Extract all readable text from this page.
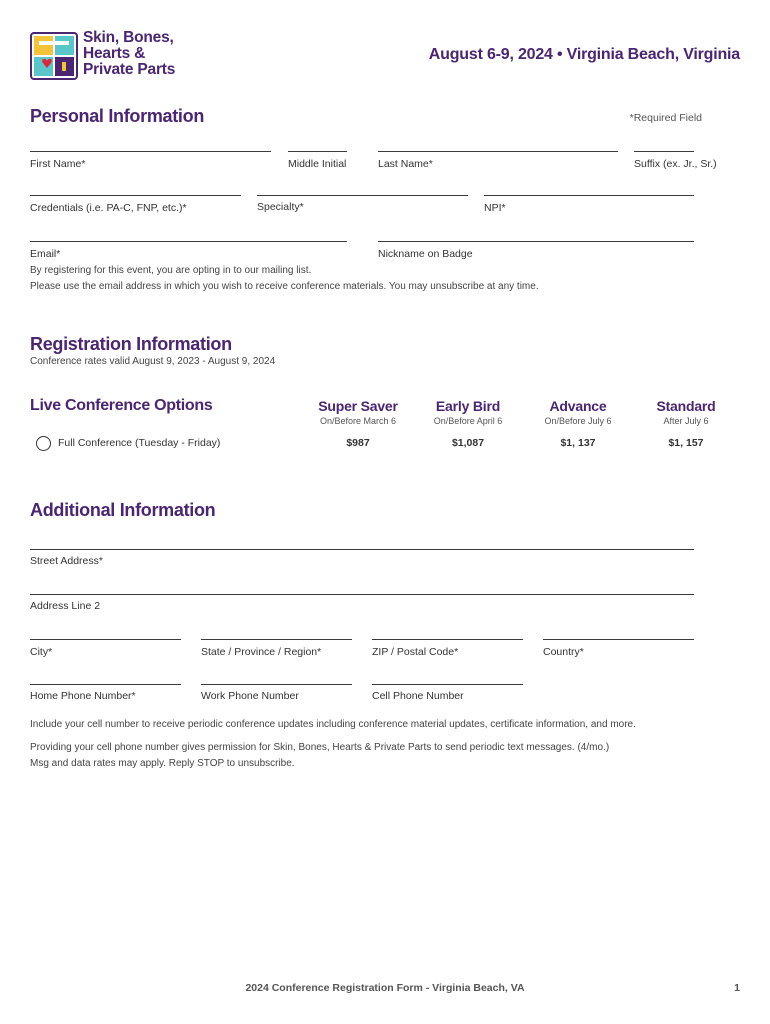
Skin, Bones,
Hearts &
Private Parts
August 6-9, 2024 • Virginia Beach, Virginia
Personal Information	*Required Field
First Name*	Middle Initial	Last Name*	Suffix (ex. Jr., Sr.)
Credentials (i.e. PA-C, FNP, etc.)*	Specialty*	NPI*
Email*	Nickname on Badge
By registering for this event, you are opting in to our mailing list.
Please use the email address in which you wish to receive conference materials. You may unsubscribe at any time.
Registration Information
Conference rates valid August 9, 2023 - August 9, 2024
Live Conference Options	Super Saver	Early Bird	Advance	Standard
On/Before March 6	On/Before April 6	On/Before July 6	After July 6
Full Conference (Tuesday - Friday)	$987	$1,087	$1, 137	$1, 157
Additional Information
Street Address*
Address Line 2
City*	State / Province / Region*	ZIP / Postal Code*	Country*
Home Phone Number*	Work Phone Number	Cell Phone Number
Include your cell number to receive periodic conference updates including conference material updates, certificate information, and more.
Providing your cell phone number gives permission for Skin, Bones, Hearts & Private Parts to send periodic text messages. (4/mo.)
Msg and data rates may apply. Reply STOP to unsubscribe.
2024 Conference Registration Form - Virginia Beach, VA	1
